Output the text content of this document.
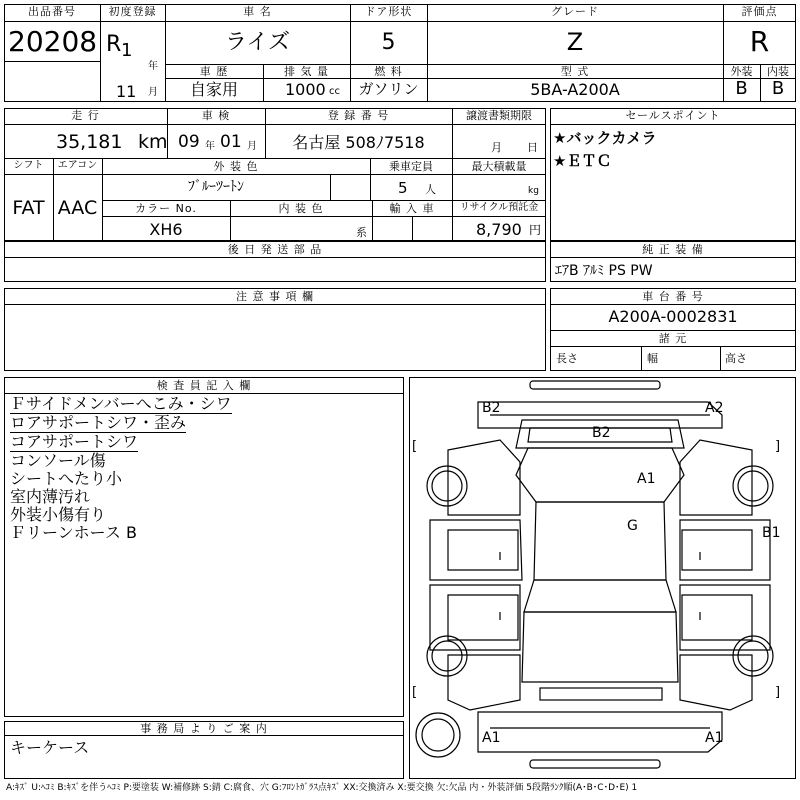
出品番号
20208
初度登録
R 1
年
11 月
車 名
ライズ
ドア形状
5
グレード
Z
評価点
R
車 歴
自家用
排 気 量
1000 cc
燃 料
ガソリン
型 式
5BA-A200A
外装	内装
B	B
走 行
35,181 km
車 検
09 年 01 月
登 録 番 号
名古屋 508ﾉ7518
譲渡書類期限
月 日
シフト
FAT
エアコン
AAC
外 装 色
ﾌﾞﾙｰﾂｰﾄﾝ
乗車定員
5 人
最大積載量
kg
カラー No.
XH6
内 装 色
系
輸 入 車	リサイクル預託金
8,790 円
後 日 発 送 部 品
セールスポイント
★バックカメラ
★ＥＴＣ
純 正 装 備
ｴｱB ｱﾙﾐ PS PW
注 意 事 項 欄	車 台 番 号
A200A-0002831
諸 元
長さ	幅	高さ
検 査 員 記 入 欄
Ｆサイドメンバーへこみ・シワ
ロアサポートシワ・歪み
コアサポートシワ
コンソール傷
シートへたり小
室内薄汚れ
外装小傷有り
Ｆリーンホース B
事 務 局 よ り ご 案 内
キーケース
B2	A2
B2
A1
G	B1
A1	A1
[	]
[	]
A:ｷｽﾞ U:ﾍｺﾐ B:ｷｽﾞを伴うﾍｺﾐ P:要塗装 W:補修跡 S:錆 C:腐食、穴 G:ﾌﾛﾝﾄｶﾞﾗｽ点ｷｽﾞ XX:交換済み X:要交換 欠:欠品 内・外装評価 5段階ﾗﾝｸ順(A･B･C･D･E) 1
